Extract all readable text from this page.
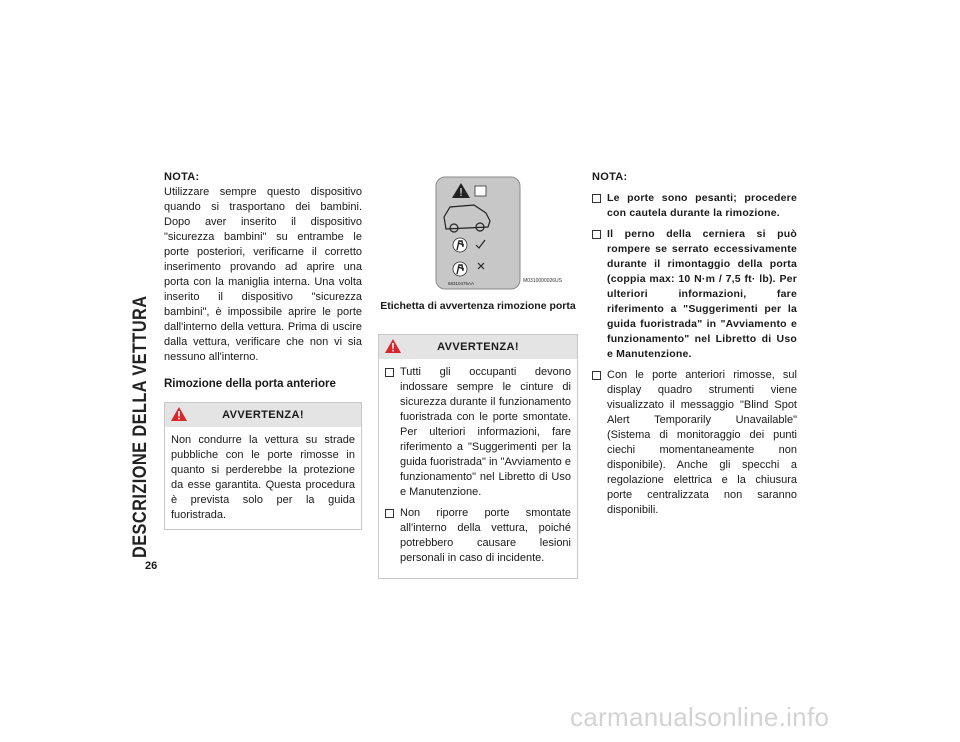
DESCRIZIONE DELLA VETTURA
26
NOTA:

Utilizzare sempre questo dispositivo quando si trasportano dei bambini. Dopo aver inserito il dispositivo "sicurezza bambini" su entrambe le porte posteriori, verificarne il corretto inserimento provando ad aprire una porta con la maniglia interna. Una volta inserito il dispositivo "sicurezza bambini", è impossibile aprire le porte dall'interno della vettura. Prima di uscire dalla vettura, verificare che non vi sia nessuno all'interno.

Rimozione della porta anteriore
AVVERTENZA!
Non condurre la vettura su strade pubbliche con le porte rimosse in quanto si perderebbe la protezione da esse garantita. Questa procedura è prevista solo per la guida fuoristrada.
68310475AA	M0310000026US
Etichetta di avvertenza rimozione porta
AVVERTENZA!
Tutti gli occupanti devono indossare sempre le cinture di sicurezza durante il funzionamento fuoristrada con le porte smontate. Per ulteriori informazioni, fare riferimento a "Suggerimenti per la guida fuoristrada" in "Avviamento e funzionamento" nel Libretto di Uso e Manutenzione.
Non riporre porte smontate all'interno della vettura, poiché potrebbero causare lesioni personali in caso di incidente.
NOTA:
Le porte sono pesanti; procedere con cautela durante la rimozione.
Il perno della cerniera si può rompere se serrato eccessivamente durante il rimontaggio della porta (coppia max: 10 N·m / 7,5 ft· lb). Per ulteriori informazioni, fare riferimento a "Suggerimenti per la guida fuoristrada" in "Avviamento e funzionamento" nel Libretto di Uso e Manutenzione.
Con le porte anteriori rimosse, sul display quadro strumenti viene visualizzato il messaggio "Blind Spot Alert Temporarily Unavailable" (Sistema di monitoraggio dei punti ciechi momentaneamente non disponibile). Anche gli specchi a regolazione elettrica e la chiusura porte centralizzata non saranno disponibili.
carmanualsonline.info
